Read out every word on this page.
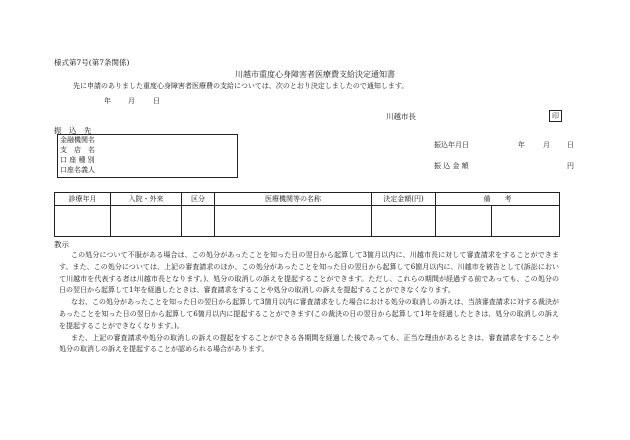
様式第7号(第7条関係)
川越市重度心身障害者医療費支給決定通知書
先に申請のありました重度心身障害者医療費の支給については、次のとおり決定しましたので通知します。
年 月	日
川越市長	印
振　込　先
金融機関名
支　店　名
口 座 種 別
口座名義人
振込年月日	年	月 日
振 込 金 額	円
診療年月	入院・外来	区分	医療機関等の名称	決定金額(円)	備　　考	

教示

この処分について不服がある場合は、この処分があったことを知った日の翌日から起算して3箇月以内に、川越市長に対して審査請求をすることができます。また、この処分については、上記の審査請求のほか、この処分があったことを知った日の翌日から起算して6箇月以内に、川越市を被告として(訴訟において川越市を代表する者は川越市長となります。)、処分の取消しの訴えを提起することができます。ただし、これらの期間が経過する前であっても、この処分の日の翌日から起算して1年を経過したときは、審査請求をすることや処分の取消しの訴えを提起することができなくなります。

なお、この処分があったことを知った日の翌日から起算して3箇月以内に審査請求をした場合における処分の取消しの訴えは、当該審査請求に対する裁決があったことを知った日の翌日から起算して6箇月以内に提起することができます(この裁決の日の翌日から起算して1年を経過したときは、処分の取消しの訴えを提起することができなくなります。)。

また、上記の審査請求や処分の取消しの訴えの提起をすることができる各期間を経過した後であっても、正当な理由があるときは、審査請求をすることや処分の取消しの訴えを提起することが認められる場合があります。
